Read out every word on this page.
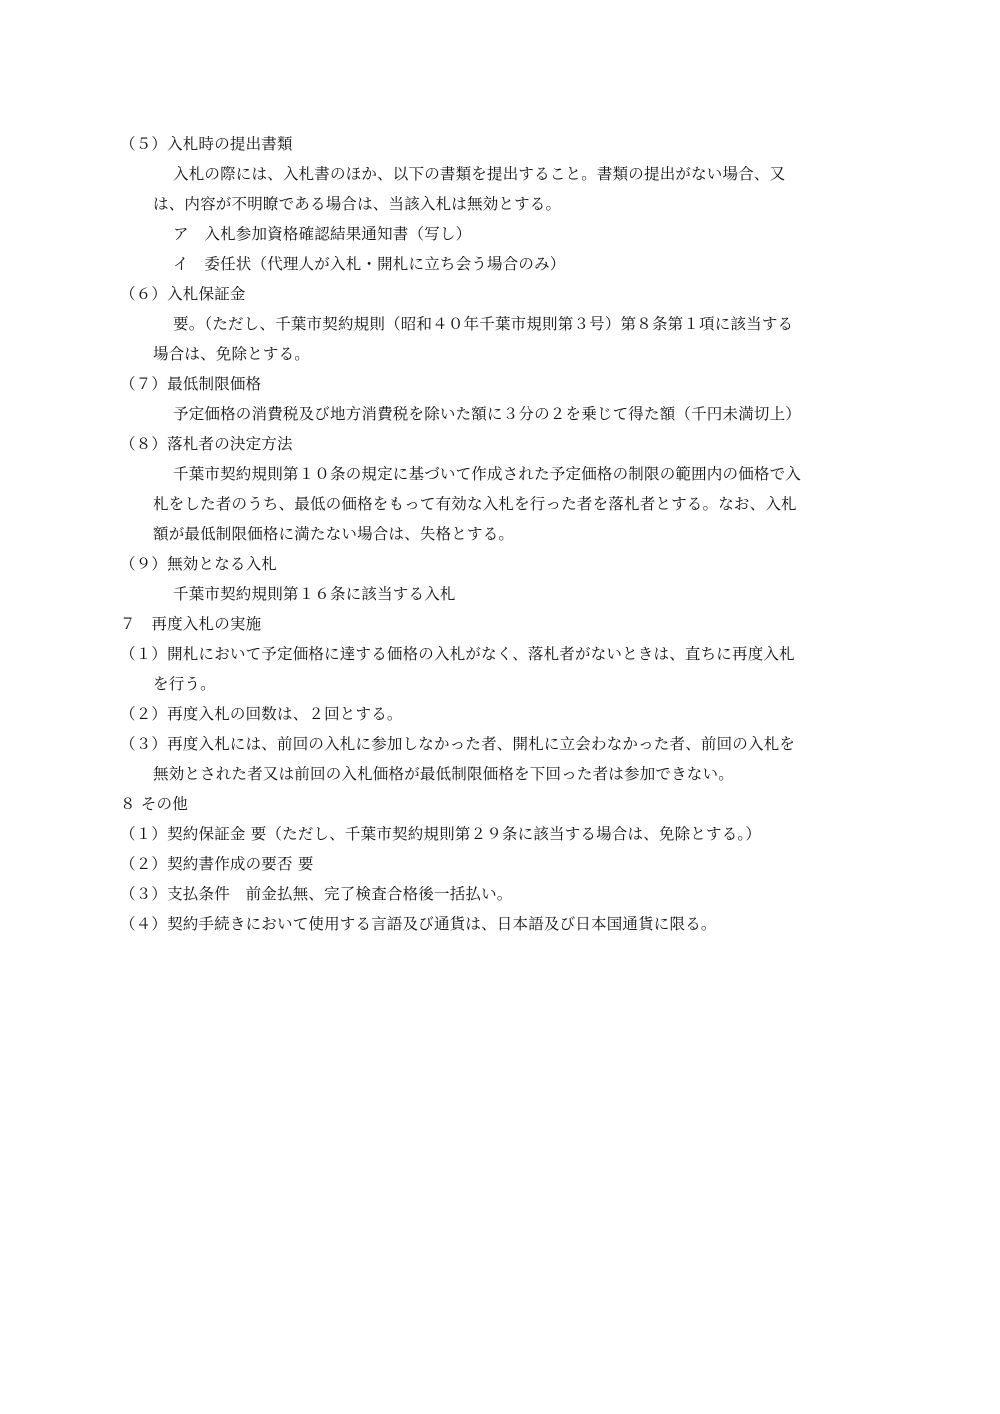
（５）入札時の提出書類
入札の際には、入札書のほか、以下の書類を提出すること。書類の提出がない場合、又
は、内容が不明瞭である場合は、当該入札は無効とする。
ア　入札参加資格確認結果通知書（写し）
イ　委任状（代理人が入札・開札に立ち会う場合のみ）
（６）入札保証金
要。（ただし、千葉市契約規則（昭和４０年千葉市規則第３号）第８条第１項に該当する
場合は、免除とする。
（７）最低制限価格
予定価格の消費税及び地方消費税を除いた額に３分の２を乗じて得た額（千円未満切上）
（８）落札者の決定方法
千葉市契約規則第１０条の規定に基づいて作成された予定価格の制限の範囲内の価格で入
札をした者のうち、最低の価格をもって有効な入札を行った者を落札者とする。なお、入札
額が最低制限価格に満たない場合は、失格とする。
（９）無効となる入札
千葉市契約規則第１６条に該当する入札
７　再度入札の実施
（１）開札において予定価格に達する価格の入札がなく、落札者がないときは、直ちに再度入札
を行う。
（２）再度入札の回数は、２回とする。
（３）再度入札には、前回の入札に参加しなかった者、開札に立会わなかった者、前回の入札を
無効とされた者又は前回の入札価格が最低制限価格を下回った者は参加できない。
８ その他
（１）契約保証金 要（ただし、千葉市契約規則第２９条に該当する場合は、免除とする。）
（２）契約書作成の要否 要
（３）支払条件　前金払無、完了検査合格後一括払い。
（４）契約手続きにおいて使用する言語及び通貨は、日本語及び日本国通貨に限る。
